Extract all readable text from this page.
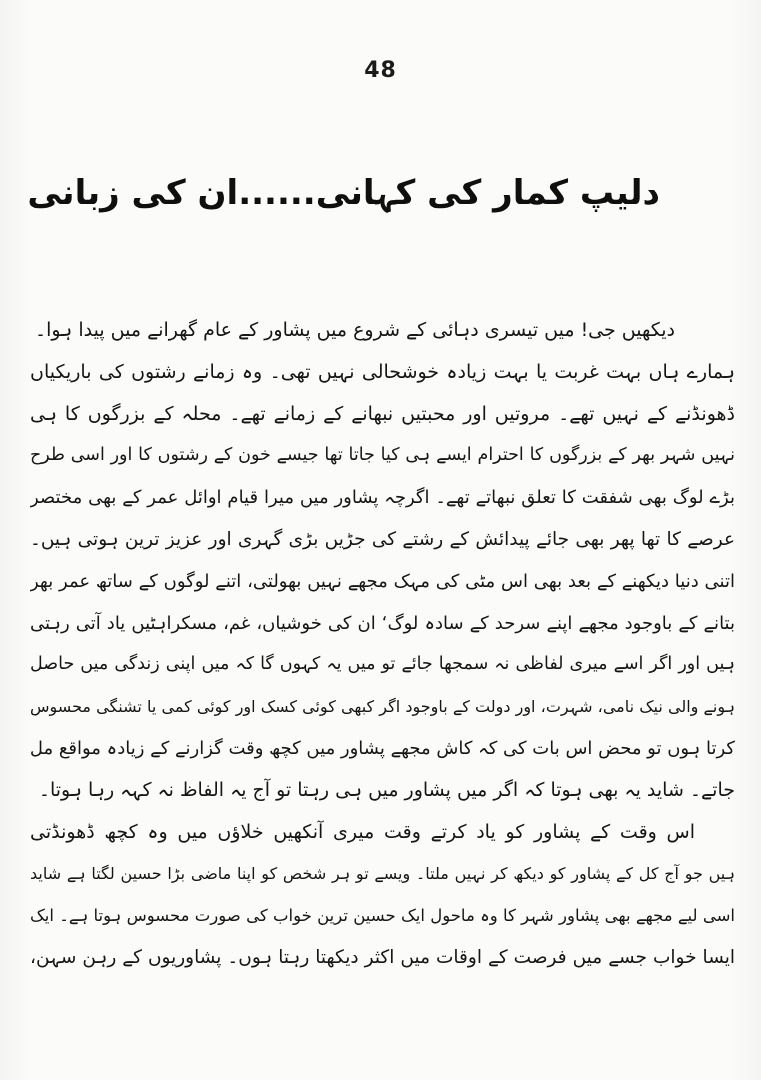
48
دلیپ کمار کی کہانی......ان کی زبانی
دیکھیں جی! میں تیسری دہائی کے شروع میں پشاور کے عام گھرانے میں پیدا ہوا۔
ہمارے ہاں بہت غربت یا بہت زیادہ خوشحالی نہیں تھی۔ وہ زمانے رشتوں کی باریکیاں
ڈھونڈنے کے نہیں تھے۔ مروتیں اور محبتیں نبھانے کے زمانے تھے۔ محلہ کے بزرگوں کا ہی
نہیں شہر بھر کے بزرگوں کا احترام ایسے ہی کیا جاتا تھا جیسے خون کے رشتوں کا اور اسی طرح
بڑے لوگ بھی شفقت کا تعلق نبھاتے تھے۔ اگرچہ پشاور میں میرا قیام اوائل عمر کے بھی مختصر
عرصے کا تھا پھر بھی جائے پیدائش کے رشتے کی جڑیں بڑی گہری اور عزیز ترین ہوتی ہیں۔
اتنی دنیا دیکھنے کے بعد بھی اس مٹی کی مہک مجھے نہیں بھولتی، اتنے لوگوں کے ساتھ عمر بھر
بتانے کے باوجود مجھے اپنے سرحد کے سادہ لوگ‘ ان کی خوشیاں، غم، مسکراہٹیں یاد آتی رہتی
ہیں اور اگر اسے میری لفاظی نہ سمجھا جائے تو میں یہ کہوں گا کہ میں اپنی زندگی میں حاصل
ہونے والی نیک نامی، شہرت، اور دولت کے باوجود اگر کبھی کوئی کسک اور کوئی کمی یا تشنگی محسوس
کرتا ہوں تو محض اس بات کی کہ کاش مجھے پشاور میں کچھ وقت گزارنے کے زیادہ مواقع مل
جاتے۔ شاید یہ بھی ہوتا کہ اگر میں پشاور میں ہی رہتا تو آج یہ الفاظ نہ کہہ رہا ہوتا۔
اس وقت کے پشاور کو یاد کرتے وقت میری آنکھیں خلاؤں میں وہ کچھ ڈھونڈتی
ہیں جو آج کل کے پشاور کو دیکھ کر نہیں ملتا۔ ویسے تو ہر شخص کو اپنا ماضی بڑا حسین لگتا ہے شاید
اسی لیے مجھے بھی پشاور شہر کا وہ ماحول ایک حسین ترین خواب کی صورت محسوس ہوتا ہے۔ ایک
ایسا خواب جسے میں فرصت کے اوقات میں اکثر دیکھتا رہتا ہوں۔ پشاوریوں کے رہن سہن،
